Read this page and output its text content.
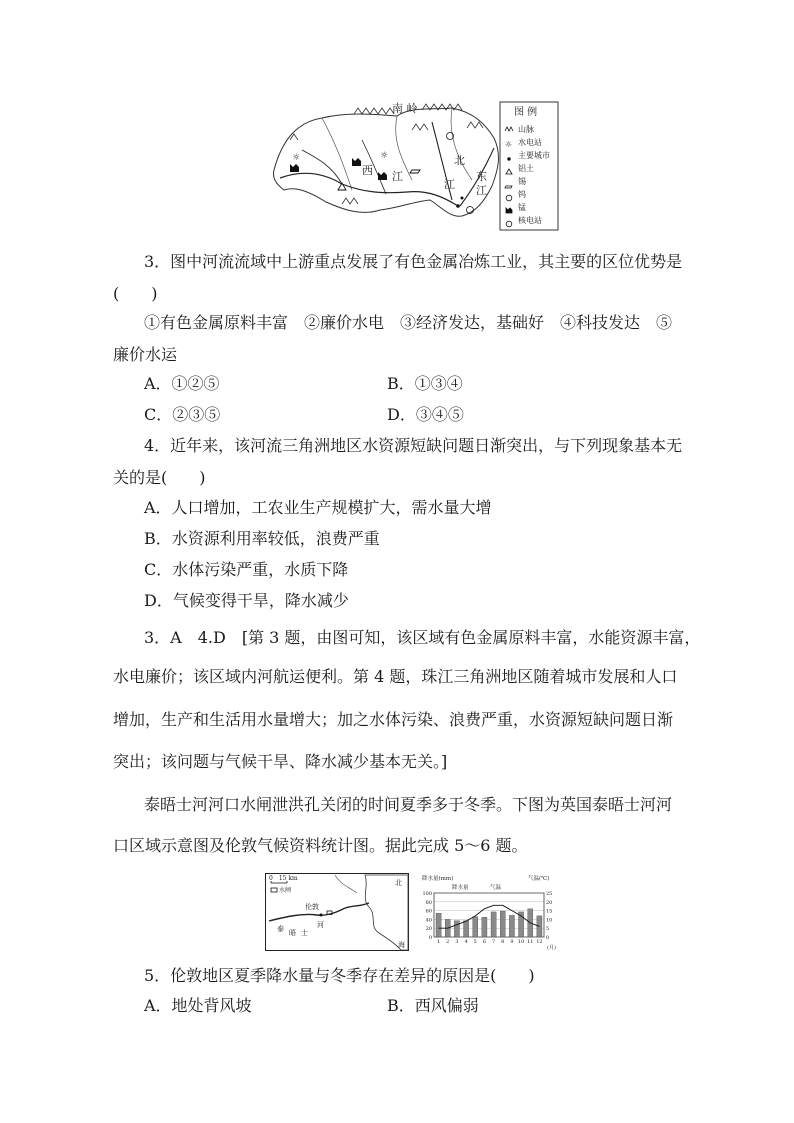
南 岭
西 江
北
江
东
江
☼	☼
图 例
☼
山脉
水电站
主要城市
铝土
锡
钨
锰
核电站
3．图中河流流域中上游重点发展了有色金属冶炼工业，其主要的区位优势是
(　　)
①有色金属原料丰富　②廉价水电　③经济发达，基础好　④科技发达　⑤
廉价水运
A．①②⑤	B．①③④
C．②③⑤	D．③④⑤
4．近年来，该河流三角洲地区水资源短缺问题日渐突出，与下列现象基本无
关的是(　　)
A．人口增加，工农业生产规模扩大，需水量大增
B．水资源利用率较低，浪费严重
C．水体污染严重，水质下降
D．气候变得干旱，降水减少
3．A　4.D　[第 3 题，由图可知，该区域有色金属原料丰富，水能资源丰富，
水电廉价；该区域内河航运便利。第 4 题，珠江三角洲地区随着城市发展和人口
增加，生产和生活用水量增大；加之水体污染、浪费严重，水资源短缺问题日渐
突出；该问题与气候干旱、降水减少基本无关。]
泰晤士河河口水闸泄洪孔关闭的时间夏季多于冬季。下图为英国泰晤士河河
口区域示意图及伦敦气候资料统计图。据此完成 5～6 题。
0　15 km
水闸
北
海
伦敦
泰 晤 士
河
降水量(mm)	气温(℃)
降水量	气温
(月)
100
80
60
40
20
0
25
20
15
10
5
0
1 2 3 4 5 6 7 8 9 10 11 12
5．伦敦地区夏季降水量与冬季存在差异的原因是(　　)
A．地处背风坡	B．西风偏弱
